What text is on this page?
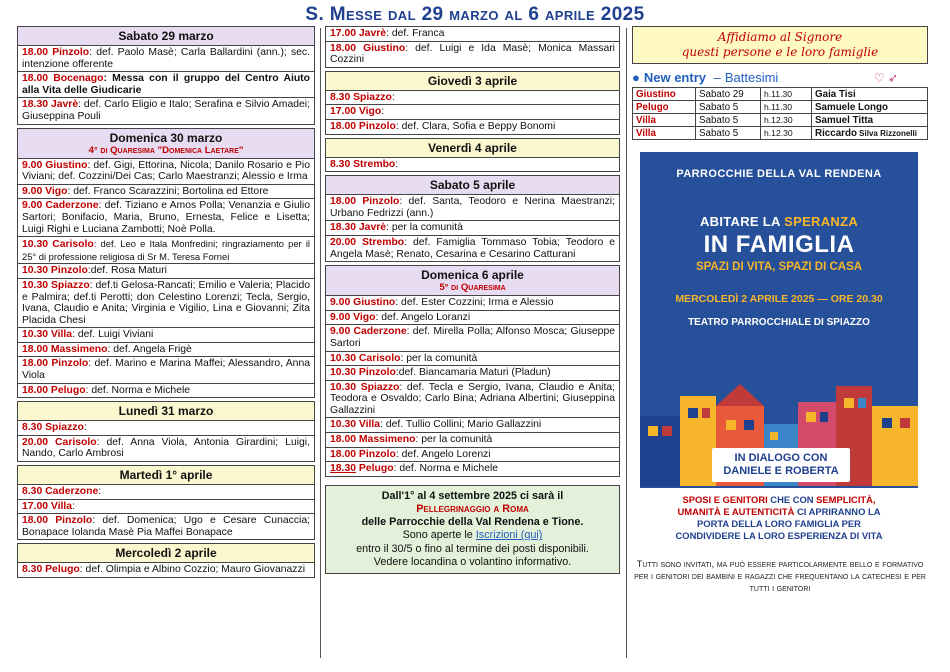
S. Messe dal 29 marzo al 6 aprile 2025
Sabato 29 marzo
18.00 Pinzolo: def. Paolo Masè; Carla Ballardini (ann.); sec. intenzione offerente
18.00 Bocenago: Messa con il gruppo del Centro Aiuto alla Vita delle Giudicarie
18.30 Javrè: def. Carlo Eligio e Italo; Serafina e Silvio Amadei; Giuseppina Pouli
Domenica 30 marzo
4° di Quaresima "Domenica Laetare"
9.00 Giustino: def. Gigi, Ettorina, Nicola; Danilo Rosario e Pio Viviani; def. Cozzini/Dei Cas; Carlo Maestranzi; Alessio e Irma
9.00 Vigo: def. Franco Scarazzini; Bortolina ed Ettore
9.00 Caderzone: def. Tiziano e Amos Polla; Venanzia e Giulio Sartori; Bonifacio, Maria, Bruno, Ernesta, Felice e Lisetta; Luigi Righi e Luciana Zambotti; Noè Polla.
10.30 Carisolo: def. Leo e Itala Monfredini; ringraziamento per il 25° di professione religiosa di Sr M. Teresa Fornei
10.30 Pinzolo:def. Rosa Maturi
10.30 Spiazzo: def.ti Gelosa-Rancati; Emilio e Valeria; Placido e Palmira; def.ti Perotti; don Celestino Lorenzi; Tecla, Sergio, Ivana, Claudio e Anita; Virginia e Vigilio, Lina e Giovanni; Zita Placida Chesi
10.30 Villa: def. Luigi Viviani
18.00 Massimeno: def. Angela Frigè
18.00 Pinzolo: def. Marino e Marina Maffei; Alessandro, Anna Viola
18.00 Pelugo: def. Norma e Michele
Lunedì 31 marzo
8.30 Spiazzo:
20.00 Carisolo: def. Anna Viola, Antonia Girardini; Luigi, Nando, Carlo Ambrosi
Martedì 1° aprile
8.30 Caderzone:
17.00 Villa:
18.00 Pinzolo: def. Domenica; Ugo e Cesare Cunaccia; Bonapace Iolanda Masè Pia Maffei Bonapace
Mercoledì 2 aprile
8.30 Pelugo: def. Olimpia e Albino Cozzio; Mauro Giovanazzi
17.00 Javrè: def. Franca
18.00 Giustino: def. Luigi e Ida Masè; Monica Massari Cozzini
Giovedì 3 aprile
8.30 Spiazzo:
17.00 Vigo:
18.00 Pinzolo: def. Clara, Sofia e Beppy Bonomi
Venerdì 4 aprile
8.30 Strembo:
Sabato 5 aprile
18.00 Pinzolo: def. Santa, Teodoro e Nerina Maestranzi; Urbano Fedrizzi (ann.)
18.30 Javrè: per la comunità
20.00 Strembo: def. Famiglia Tommaso Tobia; Teodoro e Angela Masè; Renato, Cesarina e Cesarino Catturani
Domenica 6 aprile
5° di Quaresima
9.00 Giustino: def. Ester Cozzini; Irma e Alessio
9.00 Vigo: def. Angelo Loranzi
9.00 Caderzone: def. Mirella Polla; Alfonso Mosca; Giuseppe Sartori
10.30 Carisolo: per la comunità
10.30 Pinzolo:def. Biancamaria Maturi (Pladun)
10.30 Spiazzo: def. Tecla e Sergio, Ivana, Claudio e Anita; Teodora e Osvaldo; Carlo Bina; Adriana Albertini; Giuseppina Gallazzini
10.30 Villa: def. Tullio Collini; Mario Gallazzini
18.00 Massimeno: per la comunità
18.00 Pinzolo: def. Angelo Lorenzi
18.30 Pelugo: def. Norma e Michele
Dall'1° al 4 settembre 2025 ci sarà il
Pellegrinaggio a Roma
delle Parrocchie della Val Rendena e Tione.
Sono aperte le Iscrizioni (qui)
entro il 30/5 o fino al termine dei posti disponibili.
Vedere locandina o volantino informativo.
Affidiamo al Signore
questi persone e le loro famiglie
● New entry
– Battesimi	♡ ➶
Giustino	Sabato 29	h.11.30	Gaia Tisi
Pelugo	Sabato 5	h.11.30	Samuele Longo
Villa	Sabato 5	h.12.30	Samuel Titta
Villa	Sabato 5	h.12.30	Riccardo Silva Rizzonelli
PARROCCHIE DELLA VAL RENDENA
ABITARE LA SPERANZA
IN FAMIGLIA
SPAZI DI VITA, SPAZI DI CASA
MERCOLEDÌ 2 APRILE 2025 — ORE 20.30
TEATRO PARROCCHIALE DI SPIAZZO
IN DIALOGO CON DANIELE E ROBERTA
SPOSI E GENITORI CHE CON SEMPLICITÀ,
UMANITÀ E AUTENTICITÀ CI APRIRANNO LA
PORTA DELLA LORO FAMIGLIA PER
CONDIVIDERE LA LORO ESPERIENZA DI VITA
Tutti sono invitati, ma può essere particolarmente bello e formativo per i genitori dei bambini e ragazzi che frequentano la catechesi e per tutti i genitori
